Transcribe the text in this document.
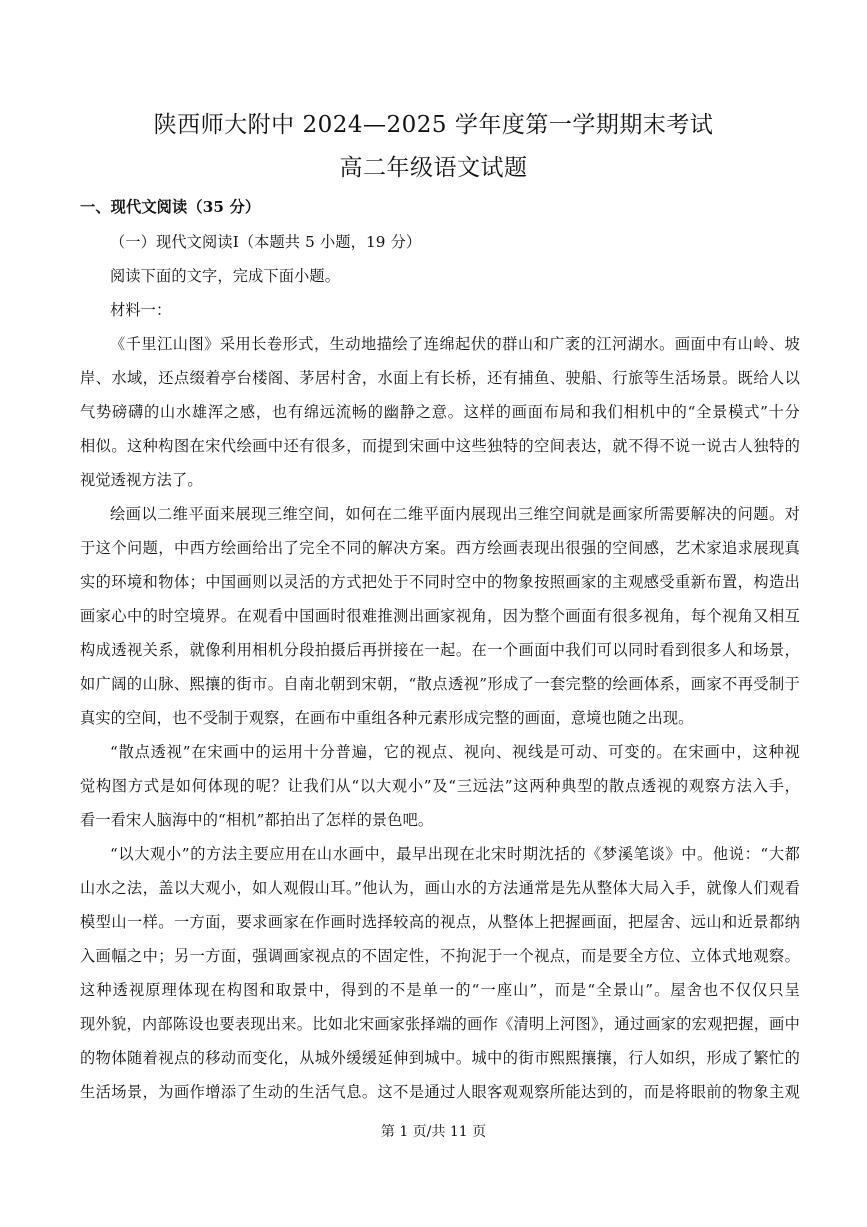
陕西师大附中 2024—2025 学年度第一学期期末考试
高二年级语文试题
一、现代文阅读（35 分）
（一）现代文阅读Ⅰ（本题共 5 小题，19 分）
阅读下面的文字，完成下面小题。
材料一：
《千里江山图》采用长卷形式，生动地描绘了连绵起伏的群山和广袤的江河湖水。画面中有山岭、坡
岸、水域，还点缀着亭台楼阁、茅居村舍，水面上有长桥，还有捕鱼、驶船、行旅等生活场景。既给人以
气势磅礴的山水雄浑之感，也有绵远流畅的幽静之意。这样的画面布局和我们相机中的“全景模式”十分
相似。这种构图在宋代绘画中还有很多，而提到宋画中这些独特的空间表达，就不得不说一说古人独特的
视觉透视方法了。
绘画以二维平面来展现三维空间，如何在二维平面内展现出三维空间就是画家所需要解决的问题。对
于这个问题，中西方绘画给出了完全不同的解决方案。西方绘画表现出很强的空间感，艺术家追求展现真
实的环境和物体；中国画则以灵活的方式把处于不同时空中的物象按照画家的主观感受重新布置，构造出
画家心中的时空境界。在观看中国画时很难推测出画家视角，因为整个画面有很多视角，每个视角又相互
构成透视关系，就像利用相机分段拍摄后再拼接在一起。在一个画面中我们可以同时看到很多人和场景，
如广阔的山脉、熙攘的街市。自南北朝到宋朝，“散点透视”形成了一套完整的绘画体系，画家不再受制于
真实的空间，也不受制于观察，在画布中重组各种元素形成完整的画面，意境也随之出现。
“散点透视”在宋画中的运用十分普遍，它的视点、视向、视线是可动、可变的。在宋画中，这种视
觉构图方式是如何体现的呢？让我们从“以大观小”及“三远法”这两种典型的散点透视的观察方法入手，
看一看宋人脑海中的“相机”都拍出了怎样的景色吧。
“以大观小”的方法主要应用在山水画中，最早出现在北宋时期沈括的《梦溪笔谈》中。他说：“大都
山水之法，盖以大观小，如人观假山耳。”他认为，画山水的方法通常是先从整体大局入手，就像人们观看
模型山一样。一方面，要求画家在作画时选择较高的视点，从整体上把握画面，把屋舍、远山和近景都纳
入画幅之中；另一方面，强调画家视点的不固定性，不拘泥于一个视点，而是要全方位、立体式地观察。
这种透视原理体现在构图和取景中，得到的不是单一的“一座山”，而是“全景山”。屋舍也不仅仅只呈
现外貌，内部陈设也要表现出来。比如北宋画家张择端的画作《清明上河图》，通过画家的宏观把握，画中
的物体随着视点的移动而变化，从城外缓缓延伸到城中。城中的街市熙熙攘攘，行人如织，形成了繁忙的
生活场景，为画作增添了生动的生活气息。这不是通过人眼客观观察所能达到的，而是将眼前的物象主观
第 1 页/共 11 页
